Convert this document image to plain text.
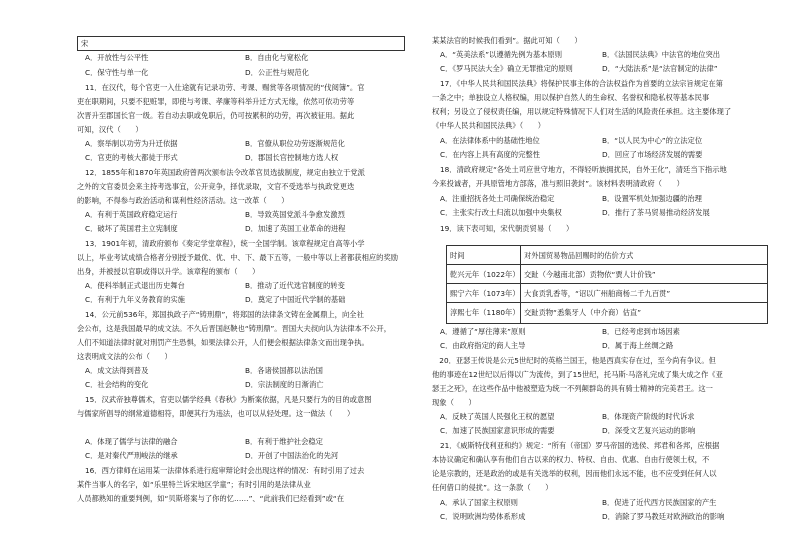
宋
A．开放性与公平性	B．自由化与宽松化
C．保守性与单一化	D．公正性与规范化
11．在汉代，每个官吏一入仕途就有记录功劳、考课、赐赏等各项情况的“伐阅簿”。官
吏在职期间，只要不犯赃罪，即使与考课、孝廉等科举升迁方式无缘，依然可依功劳等
次晋升至郡国长官一级。若自动去职或免职后，仍可按累积的功劳，再次被征用。据此
可知，汉代（　　）
A．察举制以功劳为升迁依据	B．官僚从职位功劳逐渐规范化
C．官吏的考核大都徒于形式	D．郡国长官控制地方选人权
12．1855年和1870年英国政府曾两次颁布法令改革官员选拔制度，规定由独立于党派
之外的文官委员会来主持考选事宜，公开竞争，择优录取，文官不受选举与执政党更迭
的影响，不得参与政治活动和谋利性经济活动。这一改革（　　）
A．有利于英国政府稳定运行	B．导致英国党派斗争愈发激烈
C．破坏了英国君主立宪制度	D．加速了英国工业革命的进程
13．1901年初，清政府颁布《奏定学堂章程》，统一全国学制。该章程规定自高等小学
以上，毕业考试成绩合格者分别授予最优、优、中、下、最下五等，一般中等以上者都获相应的奖励
出身，并被授以官职或得以升学。该章程的颁布（　　）
A．使科举制正式退出历史舞台	B．推动了近代选官制度的转变
C．有利于九年义务教育的实施	D．奠定了中国近代学制的基础
14．公元前536年，郑国执政子产“铸刑鼎”，将郑国的法律条文铸在金属鼎上，向全社
会公布，这是我国最早的成文法。不久后晋国赵鞅也“铸刑鼎”。晋国大夫叔向认为法律本不公开，
人们不知道法律时就对刑罚产生恐惧，如果法律公开，人们便会根据法律条文而出现争执。
这表明成文法的公布（　　）
A．成文法得到普及	B．各诸侯国都以法治国
C．社会结构的变化	D．宗法制度的日渐消亡
15．汉武帝独尊儒术，官吏以儒学经典《春秋》为断案依据，凡是只要行为的目的或意图
与儒家所倡导的纲常道德相符，即便其行为违法，也可以从轻处理。这一做法（　　）
A．体现了儒学与法律的融合	B．有利于维护社会稳定
C．是对秦代严刑峻法的继承	D．开创了中国法治化的先河
16．西方律师在运用某一法律体系进行庭审辩论时会出现这样的情况：有时引用了过去
某件当事人的名字，如“乐里特兰诉宋地区学童”；有时引用的是法律从业
人员都熟知的重要判例，如“贝斯塔案与了你的忆……”、“此前我们已经看到”或“在
某某法官的时候我们看到”。据此可知（　　）
A．“英美法系”以遵循先例为基本原则	B．《法国民法典》中法官的地位突出
C．《罗马民法大全》确立无罪推定的原则	D．“大陆法系”是“法官制定的法律”
17．《中华人民共和国民法典》将保护民事主体的合法权益作为首要的立法宗旨规定在第
一条之中；单独设立人格权编，用以保护自然人的生命权、名誉权和隐私权等基本民事
权利；另设立了侵权责任编，用以规定特殊情况下人们对生活的风险责任承担。这主要体现了
《中华人民共和国民法典》（　　）
A．在法律体系中的基础性地位	B．“以人民为中心”的立法定位
C．在内容上具有高度的完整性	D．回应了市场经济发展的需要
18．清政府规定“各处土司应世守地方，不得轻听族拥扰民，自外王化”，清廷当下指示地
今来投诚者，开具原管地方部落，准与照旧袭封”。该材料表明清政府（　　）
A．注重招抚各处土司确保统治稳定	B．设置军机处加强边疆的治理
C．主张实行改土归流以加强中央集权	D．推行了茶马贸易推动经济发展
19．读下表可知，宋代朝贡贸易（　　）
时间	对外国贸易物品回赐时的估价方式
乾兴元年（1022年） 交趾（今越南北部）贡物依“贾人计价钱”
熙宁六年（1073年） 大食贡乳香等，“诏以广州舶商杨二千九百贯”
淳熙七年（1180年） 交趾贡物“悉集牙人（中介商）估直”
A．遵循了“厚往薄来”原则	B．已经考虑到市场因素
C．由政府指定的商人主导	D．属于海上丝绸之路
　20．亚瑟王传说是公元5世纪时的英格兰国王，他是西真实存在过，至今尚有争议。但
他的事迹在12世纪以后得以广为流传，到了15世纪，托马斯·马洛礼完成了集大成之作《亚
瑟王之死》，在这些作品中他被塑造为统一不列颠群岛的具有骑士精神的完美君王。这一
现象（　　）
A．反映了英国人民强化王权的愿望	B．体现资产阶级的时代诉求
C．加速了民族国家意识形成的需要	D．深受文艺复兴运动的影响
21．《威斯特伐利亚和约》规定：“所有（帝国）罗马帝国的选侯、邦君和各邦，应根据
本协议确定和确认享有他们自古以来的权力、特权、自由、优惠、自由行使领土权，不
论是宗教的，还是政治的或是有关选举的权利，因而他们永远不能，也不应受到任何人以
任何借口的侵扰”。这一条款（　　）
A．承认了国家主权原则	B．促进了近代西方民族国家的产生
C．说明欧洲均势体系形成	D．消除了罗马教廷对欧洲政治的影响
